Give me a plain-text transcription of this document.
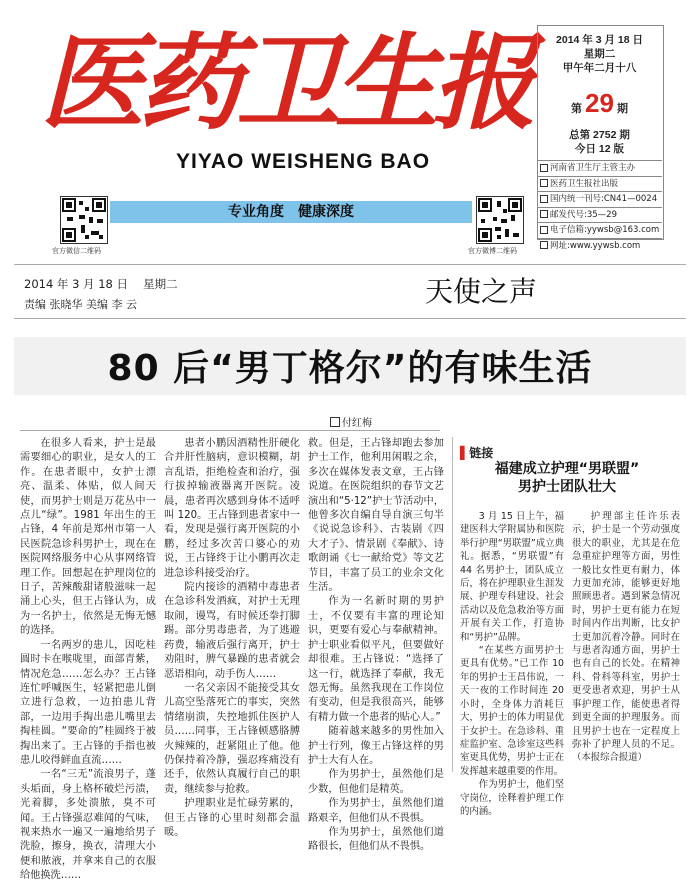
医药卫生报
YIYAO WEISHENG BAO
官方微信二维码
专业角度　健康深度
官方微博二维码
2014 年 3 月 18 日
星期二
甲午年二月十八
第 29 期
总第 2752 期
今日 12 版
河南省卫生厅主管主办
医药卫生报社出版
国内统一刊号:CN41—0024
邮发代号:35—29
电子信箱:yywsb@163.com
网址:www.yywsb.com
2014 年 3 月 18 日　 星期二
责编 张晓华 美编 李 云	天使之声
80 后“男丁格尔”的有味生活
付红梅

在很多人看来，护士是最需要细心的职业，是女人的工作。在患者眼中，女护士漂亮、温柔、体贴，似人间天使，而男护士则是万花丛中一点儿“绿”。1981 年出生的王占锋，4 年前是郑州市第一人民医院急诊科男护士，现在在医院网络服务中心从事网络管理工作。回想起在护理岗位的日子，苦辣酸甜诸般滋味一起涌上心头，但王占锋认为，成为一名护士，依然是无悔无憾的选择。

一名两岁的患儿，因吃桂圆时卡在喉咙里，面部青紫，情况危急……怎么办？王占锋连忙呼喊医生，轻紧把患儿倒立进行急救，一边拍患儿背部，一边用手掏出患儿嘴里去掏桂圆。“要命的”桂圆终于被掏出来了。王占锋的手指也被患儿咬得鲜血直流……

一名“三无”流浪男子，蓬头垢面，身上格杯破烂污渍，光着脚，多处溃脓，臭不可闻。王占锋强忍难闻的气味，视来热水一遍又一遍地给男子洗脸，擦身，换衣，清理大小便和脓液，并拿来自己的衣服给他换洗……

患者小鹏因酒精性肝硬化合并肝性脑病，意识模糊，胡言乱语，拒绝检查和治疗，强行拔掉输液器离开医院。凌晨，患者再次感到身体不适呼叫 120。王占锋到患者家中一看，发现是强行离开医院的小鹏，经过多次苦口婆心的劝说，王占锋终于让小鹏再次走进急诊科接受治疗。

院内接诊的酒精中毒患者在急诊科发酒疯，对护士无理取闹，谩骂，有时候还拳打脚踢。部分男毒患者，为了逃避药费，输液后强行离开，护士劝阻时，脾气暴躁的患者就会恶语相向，动手伤人……

一名父亲因不能接受其女儿高空坠落死亡的事实，突然情绪崩溃，失控地抓住医护人员……同事，王占锋顿感胳膊火辣辣的，赶紧阻止了他。他仍保持着冷静，强忍疼痛没有还手，依然认真履行自己的职责，继续参与抢救。

护理职业是忙碌劳累的，但王占锋的心里时刻都会温暖。

救。但是，王占锋却跑去参加护士工作，他利用闲暇之余，多次在媒体发表文章，王占锋说道。在医院组织的春节文艺演出和“5·12”护士节活动中，他曾多次自编自导自演三句半《说说急诊科》、古装剧《四大才子》、情景剧《奉献》、诗歌朗诵《七一献给党》等文艺节目，丰富了员工的业余文化生活。

作为一名新时期的男护士，不仅要有丰富的理论知识，更要有爱心与奉献精神。护士职业看似平凡，但要做好却很难。王占锋说：“选择了这一行，就选择了奉献，我无怨无悔。虽然我现在工作岗位有变动，但是我很高兴，能够有精力做一个患者的贴心人。”

随着越来越多的男性加入护士行列，像王占锋这样的男护士大有人在。

作为男护士，虽然他们是少数，但他们是精英。

作为男护士，虽然他们道路艰辛，但他们从不畏惧。

作为男护士，虽然他们道路很长，但他们从不畏惧。

▌链接
福建成立护理“男联盟”
男护士团队壮大

3 月 15 日上午，福建医科大学附属协和医院举行护理“男联盟”成立典礼。据悉，“男联盟”有 44 名男护士，团队成立后，将在护理职业生涯发展、护理专科建设、社会活动以及危急救治等方面开展有关工作，打造协和“男护”品牌。

“在某些方面男护士更具有优势。”已工作 10 年的男护士王昌伟说，一天一夜的工作时间连 20 小时，全身体力消耗巨大，男护士的体力明显优于女护士。在急诊科、重症监护室、急诊室这些科室更具优势，男护士正在发挥越来越重要的作用。

作为男护士，他们坚守岗位，诠释着护理工作的内涵。

护理部主任许乐表示，护士是一个劳动强度很大的职业，尤其是在危急重症护理等方面，男性一般比女性更有耐力，体力更加充沛，能够更好地照顾患者。遇到紧急情况时，男护士更有能力在短时间内作出判断，比女护士更加沉着冷静。同时在与患者沟通方面，男护士也有自己的长处。在精神科、骨科等科室，男护士更受患者欢迎，男护士从事护理工作，能使患者得到更全面的护理服务。而且男护士也在一定程度上弥补了护理人员的不足。（本报综合报道）
